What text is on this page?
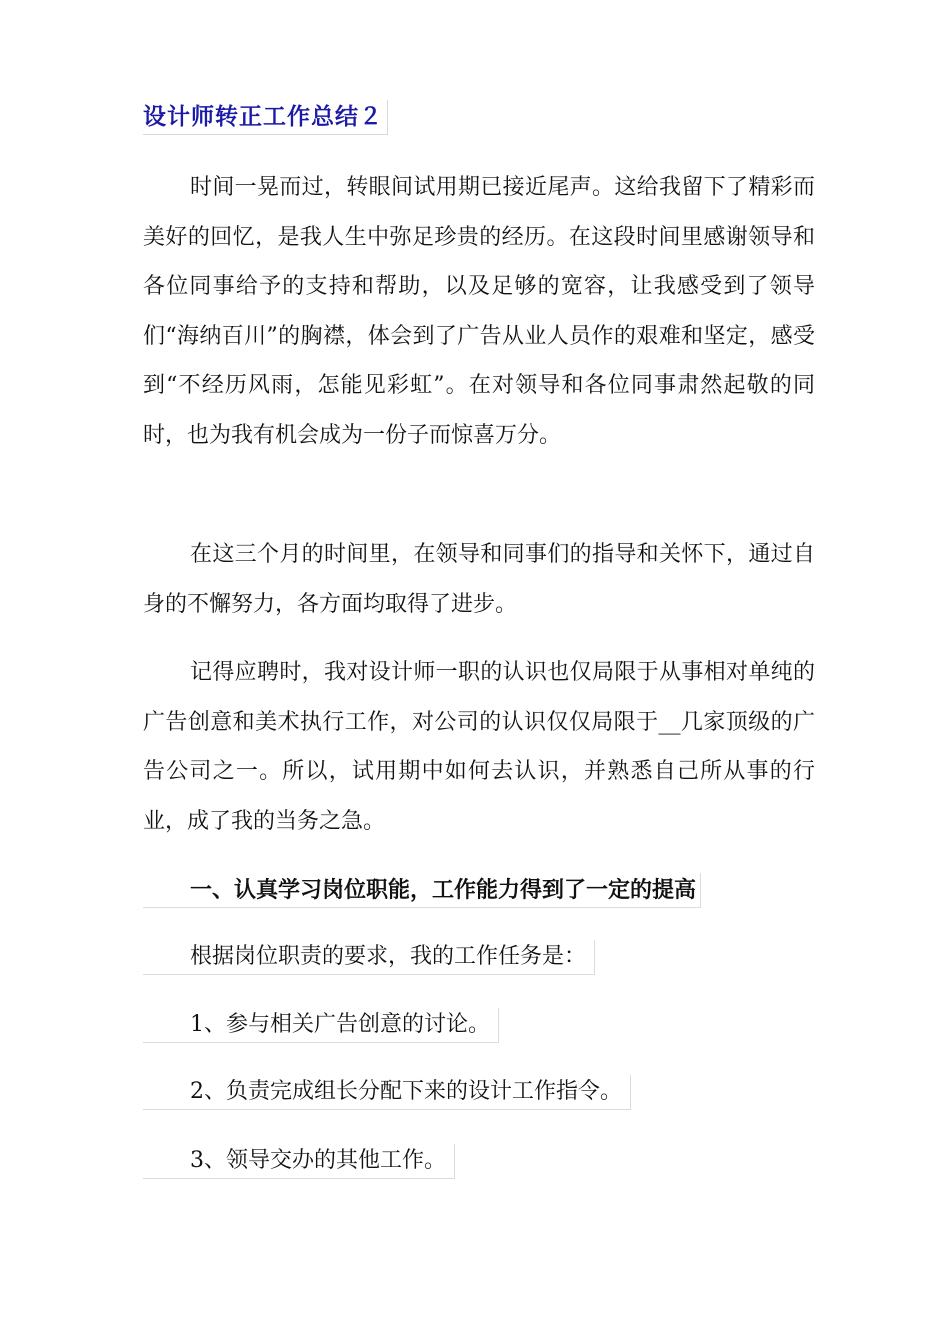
设计师转正工作总结２

时间一晃而过，转眼间试用期已接近尾声。这给我留下了精彩而美好的回忆，是我人生中弥足珍贵的经历。在这段时间里感谢领导和各位同事给予的支持和帮助，以及足够的宽容，让我感受到了领导们“海纳百川”的胸襟，体会到了广告从业人员作的艰难和坚定，感受到“不经历风雨，怎能见彩虹”。在对领导和各位同事肃然起敬的同时，也为我有机会成为一份子而惊喜万分。

在这三个月的时间里，在领导和同事们的指导和关怀下，通过自身的不懈努力，各方面均取得了进步。

记得应聘时，我对设计师一职的认识也仅局限于从事相对单纯的广告创意和美术执行工作，对公司的认识仅仅局限于__几家顶级的广告公司之一。所以，试用期中如何去认识，并熟悉自己所从事的行业，成了我的当务之急。

一、认真学习岗位职能，工作能力得到了一定的提高
根据岗位职责的要求，我的工作任务是：
1、参与相关广告创意的讨论。
2、负责完成组长分配下来的设计工作指令。
3、领导交办的其他工作。
